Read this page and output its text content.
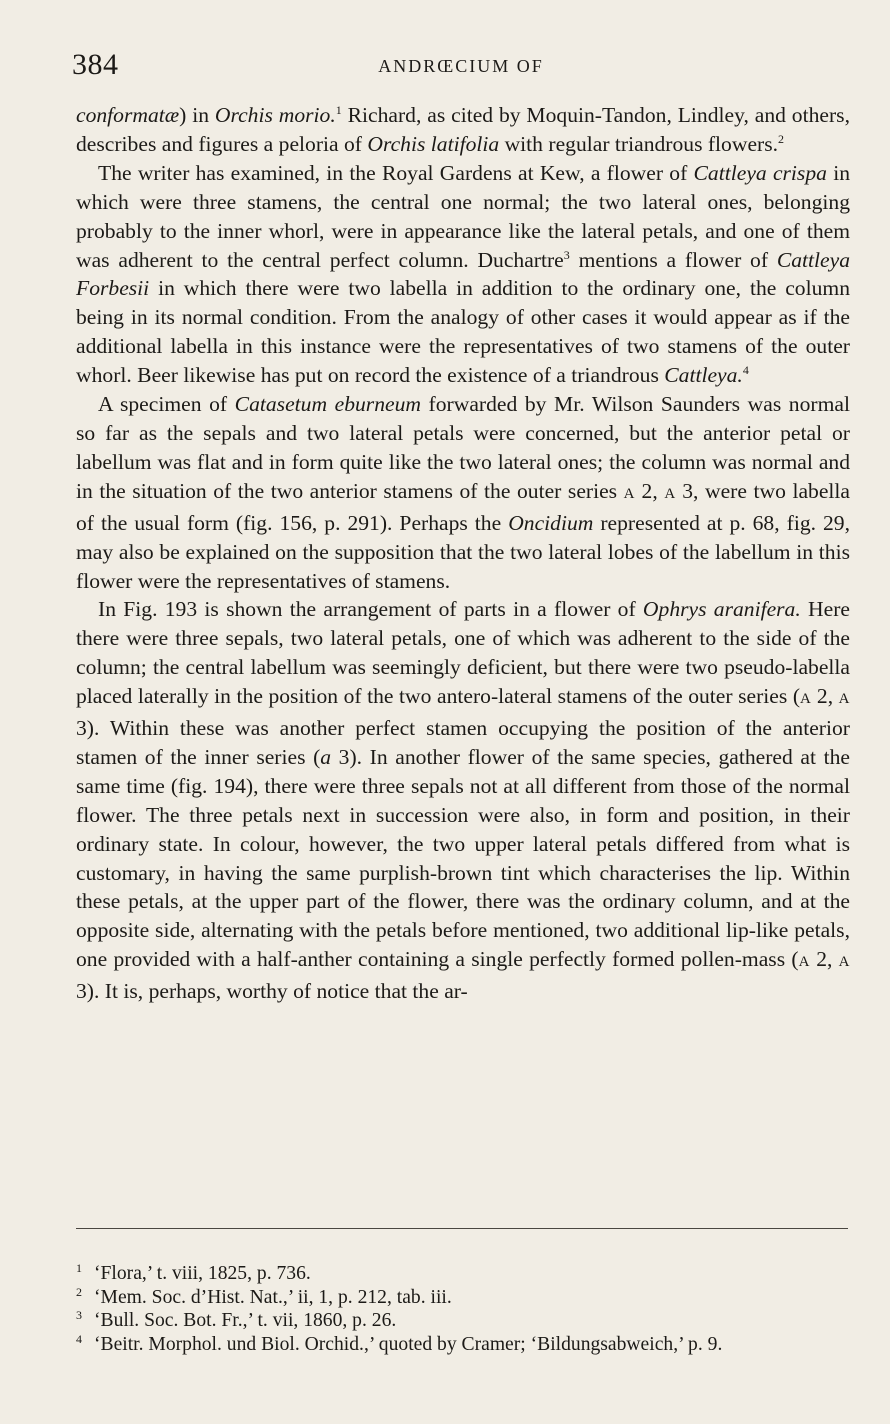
384	ANDRŒCIUM OF

conformatæ) in Orchis morio.$^1$ Richard, as cited by Moquin-Tandon, Lindley, and others, describes and figures a peloria of Orchis latifolia with regular triandrous flowers.$^2$

The writer has examined, in the Royal Gardens at Kew, a flower of Cattleya crispa in which were three stamens, the central one normal; the two lateral ones, belonging probably to the inner whorl, were in appearance like the lateral petals, and one of them was adherent to the central perfect column. Duchartre$^3$ mentions a flower of Cattleya Forbesii in which there were two labella in addition to the ordinary one, the column being in its normal condition. From the analogy of other cases it would appear as if the additional labella in this instance were the representatives of two stamens of the outer whorl. Beer likewise has put on record the existence of a triandrous Cattleya.$^4$

A specimen of Catasetum eburneum forwarded by Mr. Wilson Saunders was normal so far as the sepals and two lateral petals were concerned, but the anterior petal or labellum was flat and in form quite like the two lateral ones; the column was normal and in the situation of the two anterior stamens of the outer series A 2, A 3, were two labella of the usual form (fig. 156, p. 291). Perhaps the Oncidium represented at p. 68, fig. 29, may also be explained on the supposition that the two lateral lobes of the labellum in this flower were the representatives of stamens.

In Fig. 193 is shown the arrangement of parts in a flower of Ophrys aranifera. Here there were three sepals, two lateral petals, one of which was adherent to the side of the column; the central labellum was seemingly deficient, but there were two pseudo-labella placed laterally in the position of the two antero-lateral stamens of the outer series (A 2, A 3). Within these was another perfect stamen occupying the position of the anterior stamen of the inner series (a 3). In another flower of the same species, gathered at the same time (fig. 194), there were three sepals not at all different from those of the normal flower. The three petals next in succession were also, in form and position, in their ordinary state. In colour, however, the two upper lateral petals differed from what is customary, in having the same purplish-brown tint which characterises the lip. Within these petals, at the upper part of the flower, there was the ordinary column, and at the opposite side, alternating with the petals before mentioned, two additional lip-like petals, one provided with a half-anther containing a single perfectly formed pollen-mass (A 2, A 3). It is, perhaps, worthy of notice that the ar-

1 ‘Flora,’ t. viii, 1825, p. 736.

2 ‘Mem. Soc. d’Hist. Nat.,’ ii, 1, p. 212, tab. iii.

3 ‘Bull. Soc. Bot. Fr.,’ t. vii, 1860, p. 26.

4 ‘Beitr. Morphol. und Biol. Orchid.,’ quoted by Cramer; ‘Bildungsabweich,’ p. 9.
